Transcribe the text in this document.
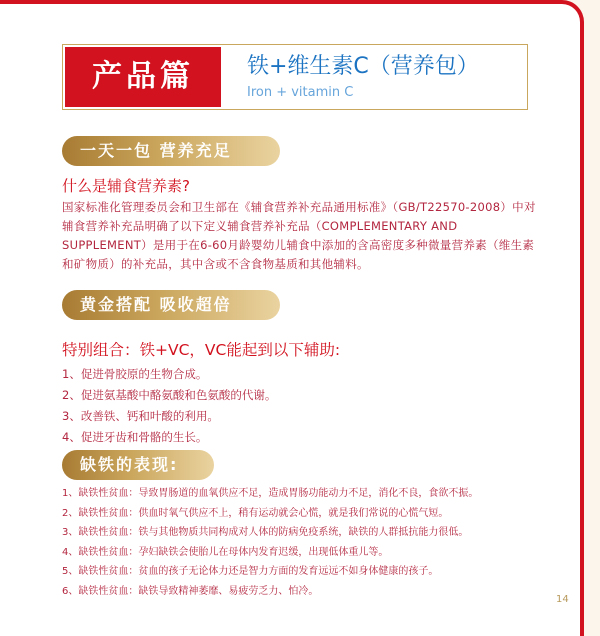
产品篇	铁+维生素C（营养包）
Iron + vitamin C
一天一包 营养充足
什么是辅食营养素?
国家标准化管理委员会和卫生部在《辅食营养补充品通用标准》（GB/T22570-2008）中对辅食营养补充品明确了以下定义辅食营养补充品（COMPLEMENTARY AND SUPPLEMENT）是用于在6-60月龄婴幼儿辅食中添加的含高密度多种微量营养素（维生素和矿物质）的补充品，其中含或不含食物基质和其他辅料。
黄金搭配 吸收超倍
特别组合：铁+VC，VC能起到以下辅助:
1、促进骨胶原的生物合成。
2、促进氨基酸中酪氨酸和色氨酸的代谢。
3、改善铁、钙和叶酸的利用。
4、促进牙齿和骨骼的生长。
缺铁的表现:
1、缺铁性贫血：导致胃肠道的血氧供应不足，造成胃肠功能动力不足，消化不良，食欲不振。
2、缺铁性贫血：供血时氧气供应不上，稍有运动就会心慌，就是我们常说的心慌气短。
3、缺铁性贫血：铁与其他物质共同构成对人体的防病免疫系统，缺铁的人群抵抗能力很低。
4、缺铁性贫血：孕妇缺铁会使胎儿在母体内发育迟缓，出现低体重儿等。
5、缺铁性贫血：贫血的孩子无论体力还是智力方面的发育远远不如身体健康的孩子。
6、缺铁性贫血：缺铁导致精神萎靡、易疲劳乏力、怕冷。
14
